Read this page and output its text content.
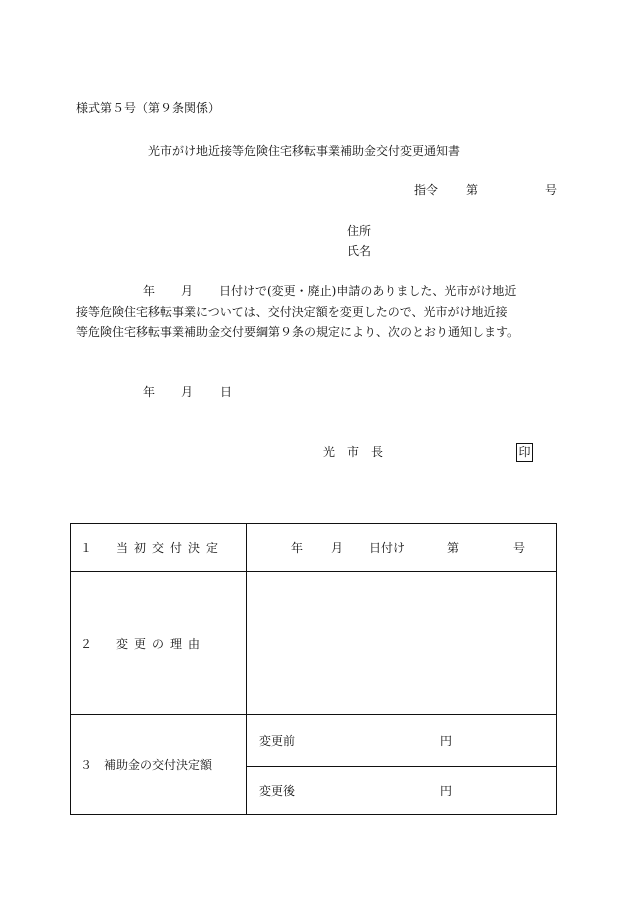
様式第５号（第９条関係）
光市がけ地近接等危険住宅移転事業補助金交付変更通知書
指令 第	号
住所
氏名
年 月 日付けで(変更・廃止)申請のありました、光市がけ地近
接等危険住宅移転事業については、交付決定額を変更したので、光市がけ地近接
等危険住宅移転事業補助金交付要綱第９条の規定により、次のとおり通知します。
年 月 日
光　市　長	印
１　当初交付決定	年 月 日付け 第 号

２　変更の理由	
３　補助金の交付決定額	変更前 円

	変更後 円
